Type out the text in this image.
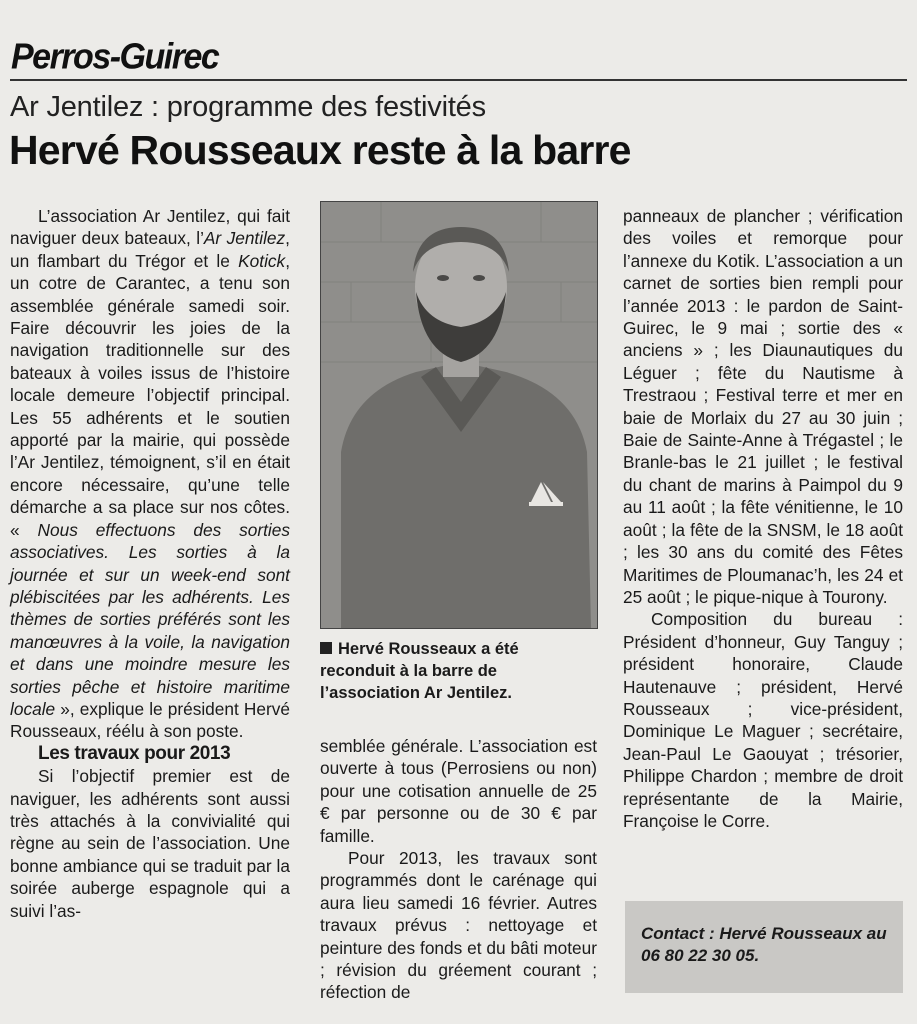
Perros-Guirec
Ar Jentilez : programme des festivités
Hervé Rousseaux reste à la barre

L’association Ar Jentilez, qui fait naviguer deux bateaux, l’Ar Jentilez, un flambart du Trégor et le Kotick, un cotre de Carantec, a tenu son assemblée générale samedi soir. Faire découvrir les joies de la navigation traditionnelle sur des bateaux à voiles issus de l’histoire locale demeure l’objectif principal. Les 55 adhérents et le soutien apporté par la mairie, qui possède l’Ar Jentilez, témoignent, s’il en était encore nécessaire, qu’une telle démarche a sa place sur nos côtes. « Nous effectuons des sorties associatives. Les sorties à la journée et sur un week-end sont plébiscitées par les adhérents. Les thèmes de sorties préférés sont les manœuvres à la voile, la navigation et dans une moindre mesure les sorties pêche et histoire maritime locale », explique le président Hervé Rousseaux, réélu à son poste.

Les travaux pour 2013

Si l’objectif premier est de naviguer, les adhérents sont aussi très attachés à la convivialité qui règne au sein de l’association. Une bonne ambiance qui se traduit par la soirée auberge espagnole qui a suivi l’as-

Hervé Rousseaux a été reconduit à la barre de l’association Ar Jentilez.

semblée générale. L’association est ouverte à tous (Perrosiens ou non) pour une cotisation annuelle de 25 € par personne ou de 30 € par famille.

Pour 2013, les travaux sont programmés dont le carénage qui aura lieu samedi 16 février. Autres travaux prévus : nettoyage et peinture des fonds et du bâti moteur ; révision du gréement courant ; réfection de

panneaux de plancher ; vérification des voiles et remorque pour l’annexe du Kotik. L’association a un carnet de sorties bien rempli pour l’année 2013 : le pardon de Saint-Guirec, le 9 mai ; sortie des « anciens » ; les Diaunautiques du Léguer ; fête du Nautisme à Trestraou ; Festival terre et mer en baie de Morlaix du 27 au 30 juin ; Baie de Sainte-Anne à Trégastel ; le Branle-bas le 21 juillet ; le festival du chant de marins à Paimpol du 9 au 11 août ; la fête vénitienne, le 10 août ; la fête de la SNSM, le 18 août ; les 30 ans du comité des Fêtes Maritimes de Ploumanac’h, les 24 et 25 août ; le pique-nique à Tourony.

Composition du bureau : Président d’honneur, Guy Tanguy ; président honoraire, Claude Hautenauve ; président, Hervé Rousseaux ; vice-président, Dominique Le Maguer ; secrétaire, Jean-Paul Le Gaouyat ; trésorier, Philippe Chardon ; membre de droit représentante de la Mairie, Françoise le Corre.

Contact : Hervé Rousseaux au 06 80 22 30 05.
